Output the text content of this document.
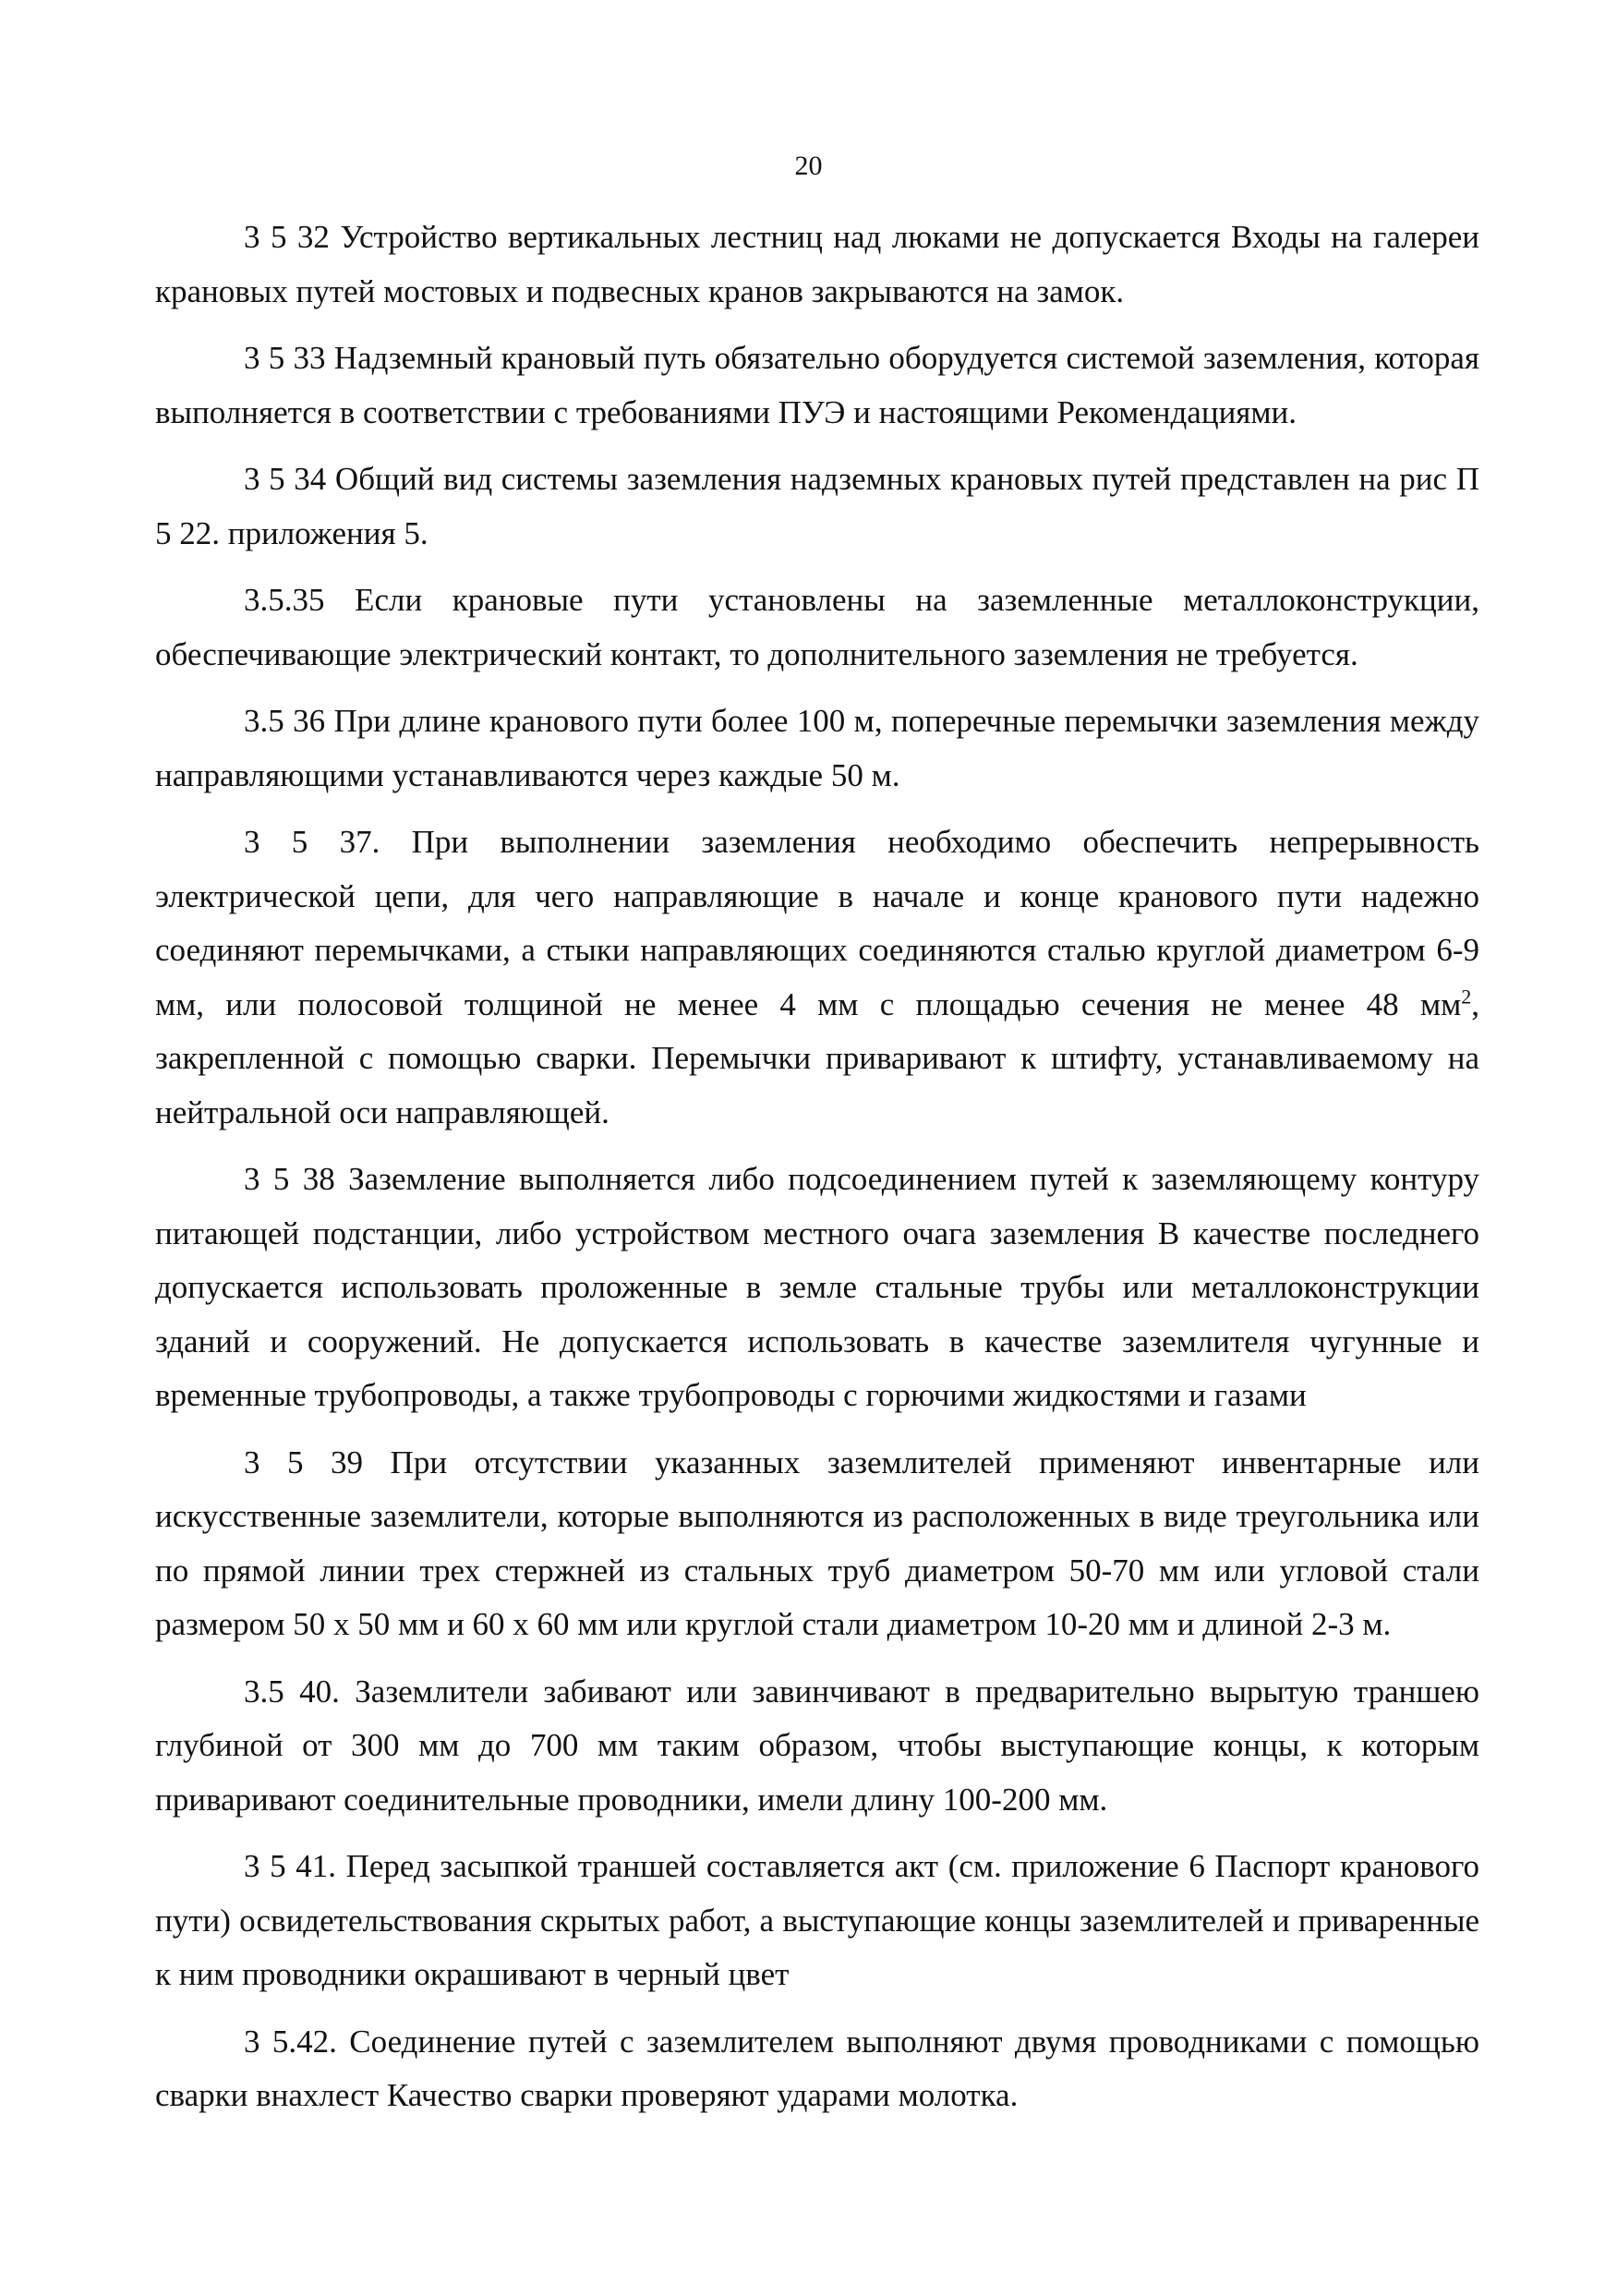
20

3 5 32 Устройство вертикальных лестниц над люками не допускается Входы на галереи крановых путей мостовых и подвесных кранов закрываются на замок.

3 5 33 Надземный крановый путь обязательно оборудуется системой заземления, которая выполняется в соответствии с требованиями ПУЭ и настоящими Рекомендациями.

3 5 34 Общий вид системы заземления надземных крановых путей представлен на рис П 5 22. приложения 5.

3.5.35 Если крановые пути установлены на заземленные металлоконструкции, обеспечивающие электрический контакт, то дополнительного заземления не требуется.

3.5 36 При длине кранового пути более 100 м, поперечные перемычки заземления между направляющими устанавливаются через каждые 50 м.

3 5 37. При выполнении заземления необходимо обеспечить непрерывность электрической цепи, для чего направляющие в начале и конце кранового пути надежно соединяют перемычками, а стыки направляющих соединяются сталью круглой диаметром 6-9 мм, или полосовой толщиной не менее 4 мм с площадью сечения не менее 48 $мм^2$, закрепленной с помощью сварки. Перемычки приваривают к штифту, устанавливаемому на нейтральной оси направляющей.

3 5 38 Заземление выполняется либо подсоединением путей к заземляющему контуру питающей подстанции, либо устройством местного очага заземления В качестве последнего допускается использовать проложенные в земле стальные трубы или металлоконструкции зданий и сооружений. Не допускается использовать в качестве заземлителя чугунные и временные трубопроводы, а также трубопроводы с горючими жидкостями и газами

3 5 39 При отсутствии указанных заземлителей применяют инвентарные или искусственные заземлители, которые выполняются из расположенных в виде треугольника или по прямой линии трех стержней из стальных труб диаметром 50-70 мм или угловой стали размером 50 х 50 мм и 60 х 60 мм или круглой стали диаметром 10-20 мм и длиной 2-3 м.

3.5 40. Заземлители забивают или завинчивают в предварительно вырытую траншею глубиной от 300 мм до 700 мм таким образом, чтобы выступающие концы, к которым приваривают соединительные проводники, имели длину 100-200 мм.

3 5 41. Перед засыпкой траншей составляется акт (см. приложение 6 Паспорт кранового пути) освидетельствования скрытых работ, а выступающие концы заземлителей и приваренные к ним проводники окрашивают в черный цвет

3 5.42. Соединение путей с заземлителем выполняют двумя проводниками с помощью сварки внахлест Качество сварки проверяют ударами молотка.
